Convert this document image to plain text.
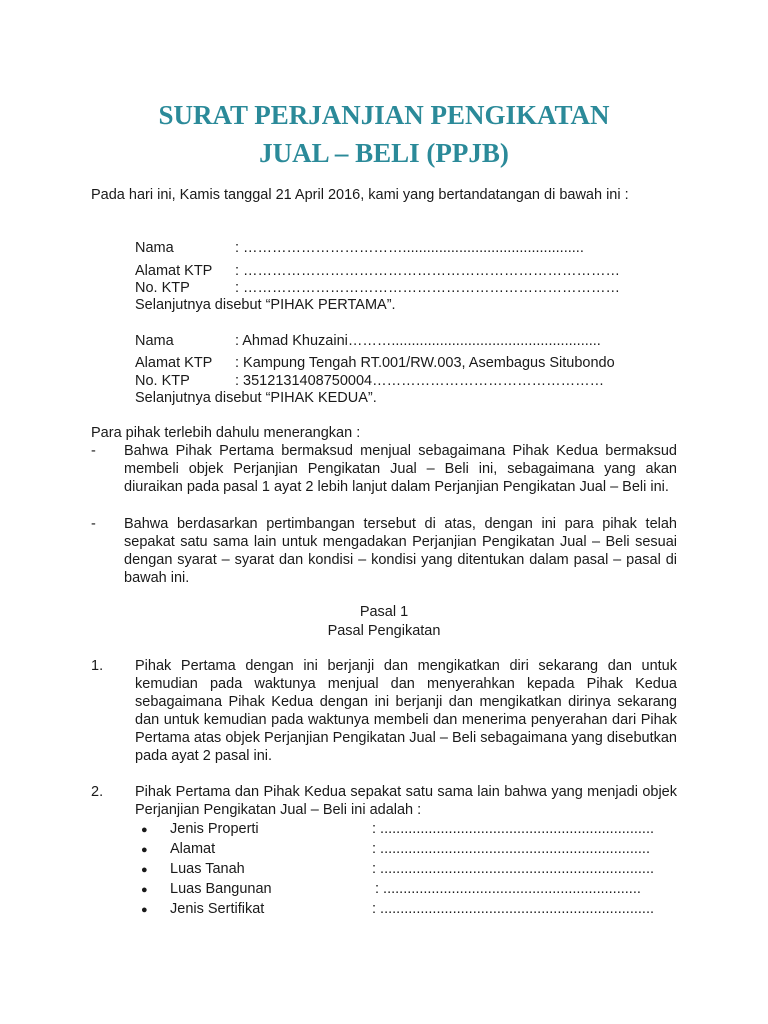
SURAT PERJANJIAN PENGIKATAN
JUAL – BELI (PPJB)
Pada hari ini, Kamis tanggal 21 April 2016, kami yang bertandatangan di bawah ini :
Nama	: …………………………….............................................
Alamat KTP : ……………………………………………………………………
No. KTP	: ……………………………………………………………………
Selanjutnya disebut “PIHAK PERTAMA”.
Nama	: Ahmad Khuzaini………....................................................
Alamat KTP : Kampung Tengah RT.001/RW.003, Asembagus Situbondo
No. KTP	: 3512131408750004…………………………………………
Selanjutnya disebut “PIHAK KEDUA”.
Para pihak terlebih dahulu menerangkan :
-	Bahwa Pihak Pertama bermaksud menjual sebagaimana Pihak Kedua bermaksud membeli objek Perjanjian Pengikatan Jual – Beli ini, sebagaimana yang akan diuraikan pada pasal 1 ayat 2 lebih lanjut dalam Perjanjian Pengikatan Jual – Beli ini.
-	Bahwa berdasarkan pertimbangan tersebut di atas, dengan ini para pihak telah sepakat satu sama lain untuk mengadakan Perjanjian Pengikatan Jual – Beli sesuai dengan syarat – syarat dan kondisi – kondisi yang ditentukan dalam pasal – pasal di bawah ini.
Pasal 1
Pasal Pengikatan
1.	Pihak Pertama dengan ini berjanji dan mengikatkan diri sekarang dan untuk kemudian pada waktunya menjual dan menyerahkan kepada Pihak Kedua sebagaimana Pihak Kedua dengan ini berjanji dan mengikatkan dirinya sekarang dan untuk kemudian pada waktunya membeli dan menerima penyerahan dari Pihak Pertama atas objek Perjanjian Pengikatan Jual – Beli sebagaimana yang disebutkan pada ayat 2 pasal ini.
2.	Pihak Pertama dan Pihak Kedua sepakat satu sama lain bahwa yang menjadi objek Perjanjian Pengikatan Jual – Beli ini adalah :
●	Jenis Properti	: ....................................................................
●	Alamat	: ...................................................................
●	Luas Tanah	: ....................................................................
●	Luas Bangunan	: ................................................................
●	Jenis Sertifikat	: ....................................................................
